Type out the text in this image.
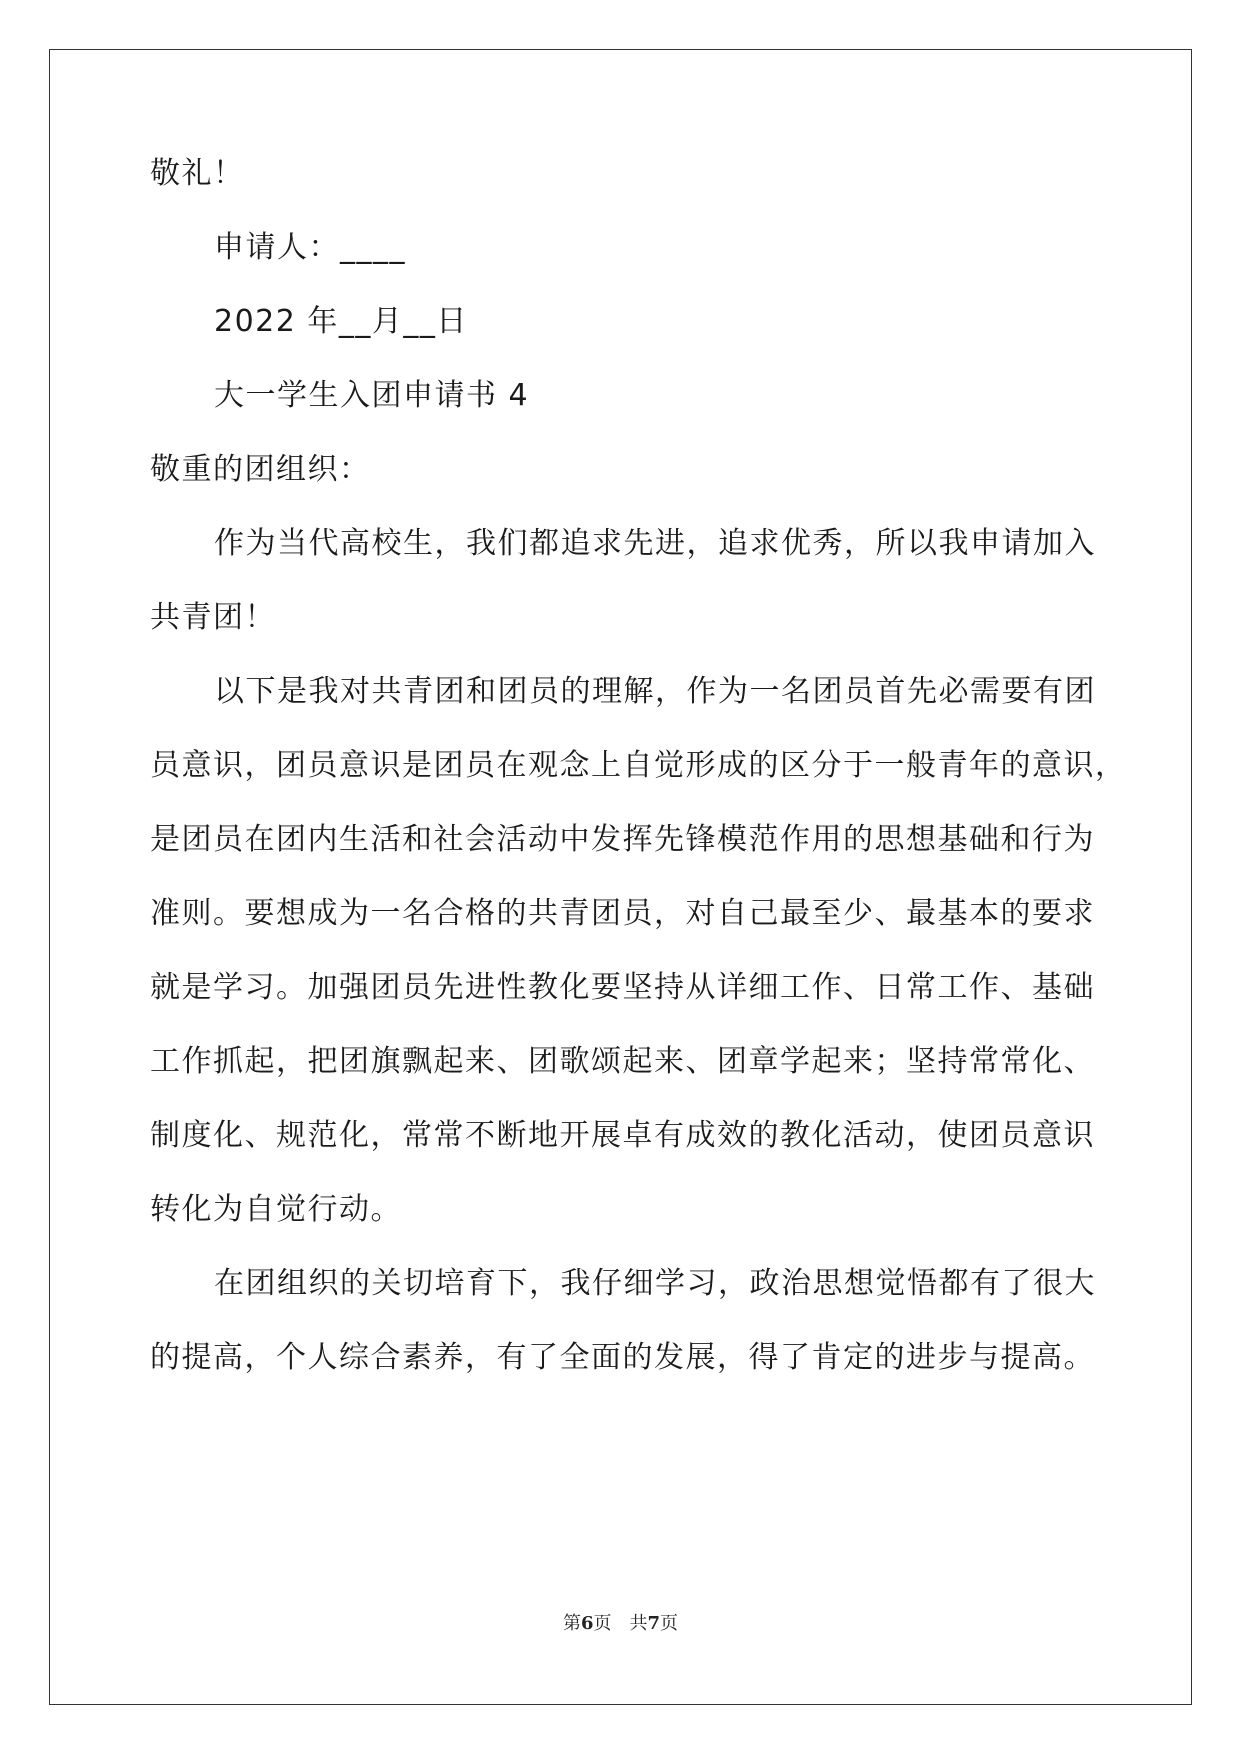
敬礼！
申请人：____
2022 年__月__日
大一学生入团申请书 4
敬重的团组织：
作为当代高校生，我们都追求先进，追求优秀，所以我申请加入
共青团！
以下是我对共青团和团员的理解，作为一名团员首先必需要有团
员意识，团员意识是团员在观念上自觉形成的区分于一般青年的意识，
是团员在团内生活和社会活动中发挥先锋模范作用的思想基础和行为
准则。要想成为一名合格的共青团员，对自己最至少、最基本的要求
就是学习。加强团员先进性教化要坚持从详细工作、日常工作、基础
工作抓起，把团旗飘起来、团歌颂起来、团章学起来；坚持常常化、
制度化、规范化，常常不断地开展卓有成效的教化活动，使团员意识
转化为自觉行动。
在团组织的关切培育下，我仔细学习，政治思想觉悟都有了很大
的提高，个人综合素养，有了全面的发展，得了肯定的进步与提高。
第6页 共7页
